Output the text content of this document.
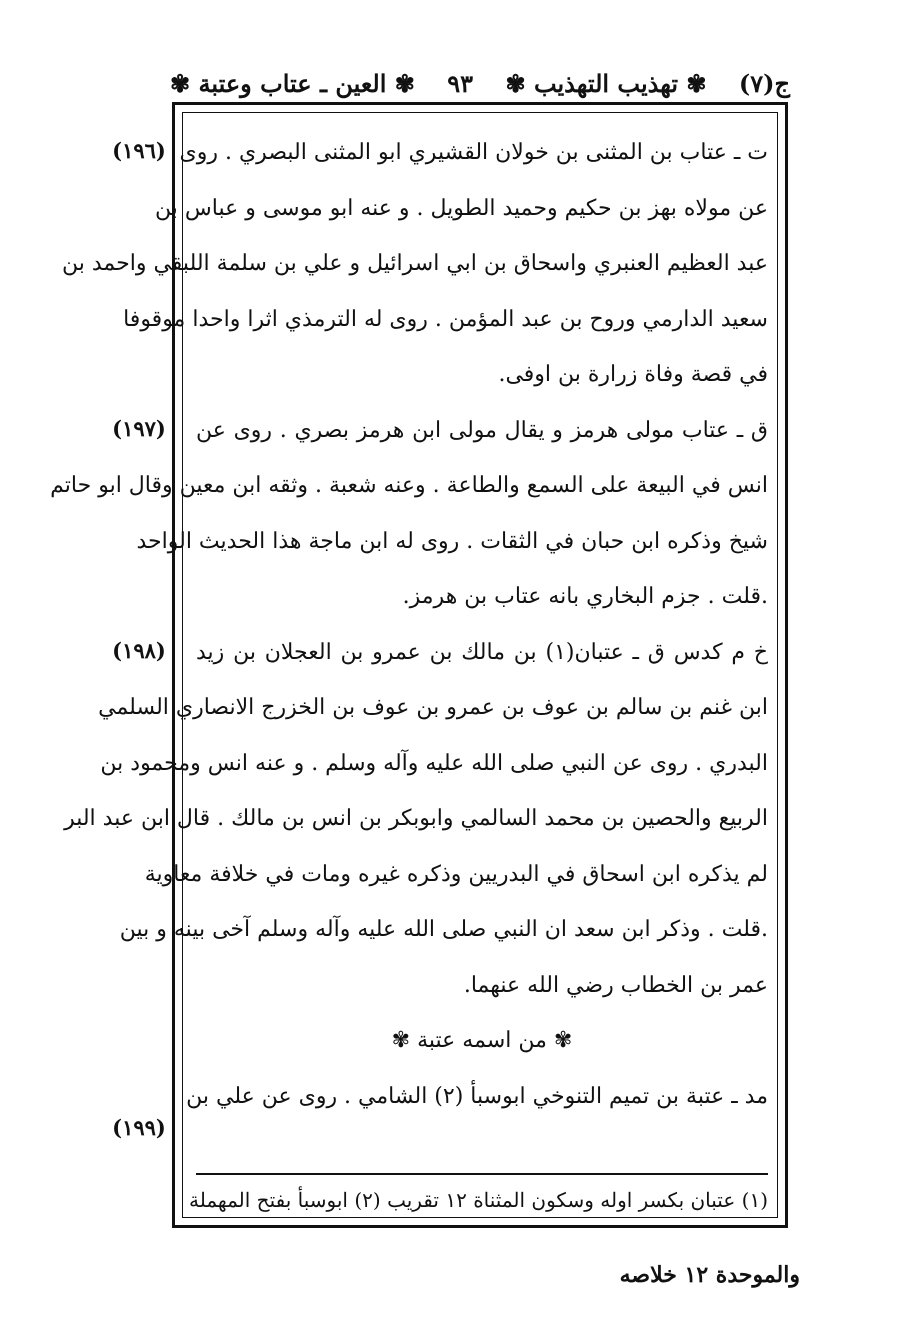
ج(٧)
✾ تهذيب التهذيب ✾
٩٣
✾ العين ـ عتاب وعتبة ✾
(١٩٦)
(١٩٧)
(١٩٨)
(١٩٩)
ت ـ عتاب بن المثنى بن خولان القشيري ابو المثنى البصري . روى
عن مولاه بهز بن حكيم وحميد الطويل . و عنه ابو موسى و عباس بن
عبد العظيم العنبري واسحاق بن ابي اسرائيل و علي بن سلمة اللبقي واحمد بن
سعيد الدارمي وروح بن عبد المؤمن . روى له الترمذي اثرا واحدا موقوفا
في قصة وفاة زرارة بن اوفى.
ق ـ عتاب مولى هرمز و يقال مولى ابن هرمز بصري . روى عن
انس في البيعة على السمع والطاعة . وعنه شعبة . وثقه ابن معين وقال ابو حاتم
شيخ وذكره ابن حبان في الثقات . روى له ابن ماجة هذا الحديث الواحد
.قلت . جزم البخاري بانه عتاب بن هرمز.
خ م كدس ق ـ عتبان(١) بن مالك بن عمرو بن العجلان بن زيد
ابن غنم بن سالم بن عوف بن عمرو بن عوف بن الخزرج الانصاري السلمي
البدري . روى عن النبي صلى الله عليه وآله وسلم . و عنه انس ومحمود بن
الربيع والحصين بن محمد السالمي وابوبكر بن انس بن مالك . قال ابن عبد البر
لم يذكره ابن اسحاق في البدريين وذكره غيره ومات في خلافة معاوية
.قلت . وذكر ابن سعد ان النبي صلى الله عليه وآله وسلم آخى بينه و بين
عمر بن الخطاب رضي الله عنهما.
✾ من اسمه عتبة ✾
مد ـ عتبة بن تميم التنوخي ابوسبأ (٢) الشامي . روى عن علي بن
(١) عتبان بكسر اوله وسكون المثناة ١٢ تقريب (٢) ابوسبأ بفتح المهملة
والموحدة ١٢ خلاصه
